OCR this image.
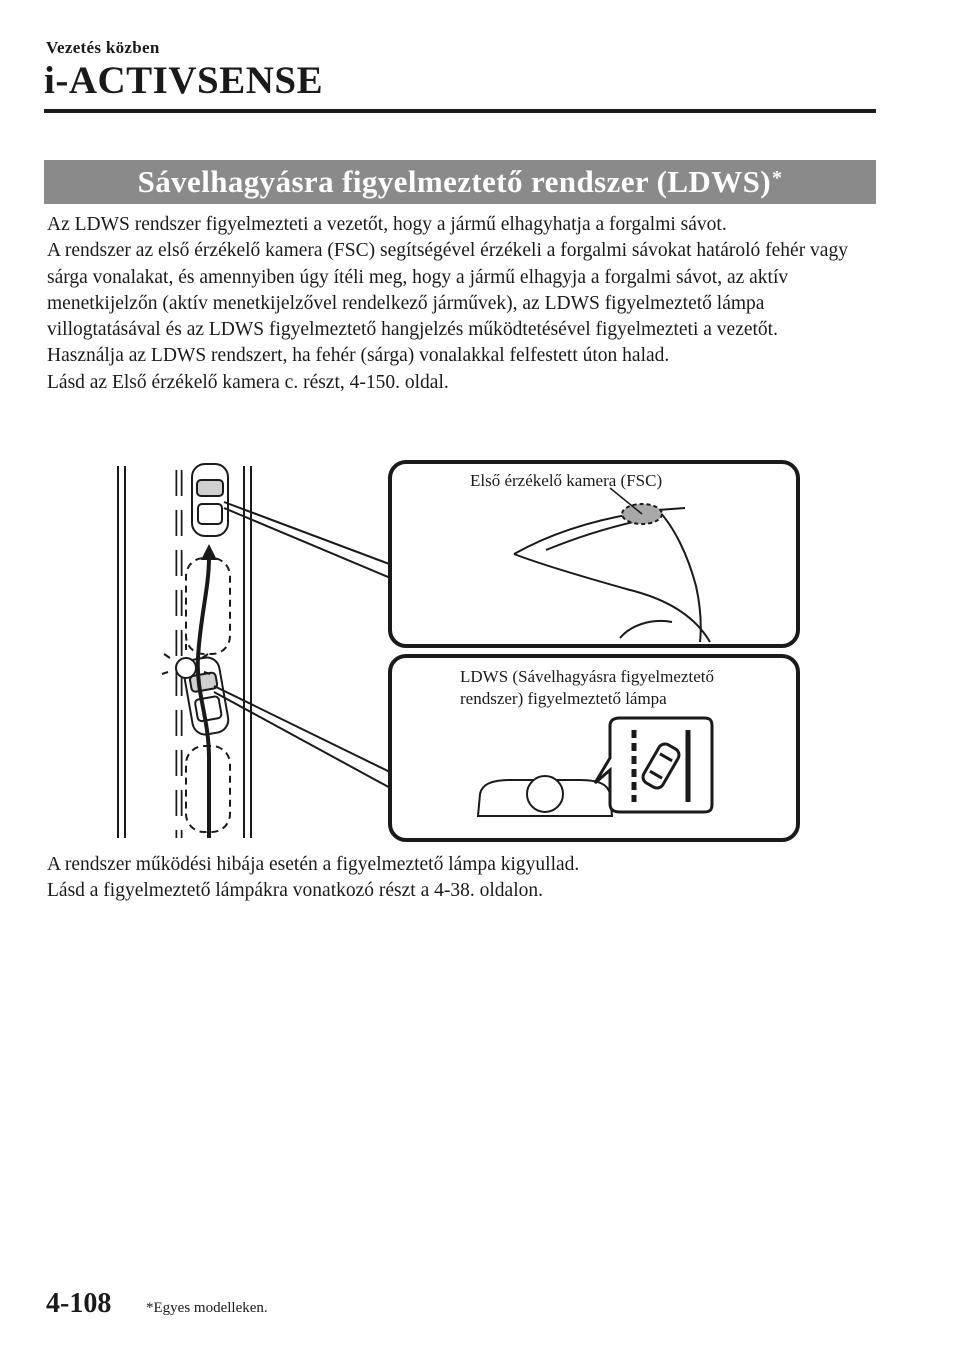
Vezetés közben
i-ACTIVSENSE
Sávelhagyásra figyelmeztető rendszer (LDWS)*

Az LDWS rendszer figyelmezteti a vezetőt, hogy a jármű elhagyhatja a forgalmi sávot.

A rendszer az első érzékelő kamera (FSC) segítségével érzékeli a forgalmi sávokat határoló fehér vagy sárga vonalakat, és amennyiben úgy ítéli meg, hogy a jármű elhagyja a forgalmi sávot, az aktív menetkijelzőn (aktív menetkijelzővel rendelkező járművek), az LDWS figyelmeztető lámpa villogtatásával és az LDWS figyelmeztető hangjelzés működtetésével figyelmezteti a vezetőt.

Használja az LDWS rendszert, ha fehér (sárga) vonalakkal felfestett úton halad.

Lásd az Első érzékelő kamera c. részt, 4-150. oldal.

Első érzékelő kamera (FSC)
LDWS (Sávelhagyásra figyelmeztető
rendszer) figyelmeztető lámpa

A rendszer működési hibája esetén a figyelmeztető lámpa kigyullad.

Lásd a figyelmeztető lámpákra vonatkozó részt a 4-38. oldalon.

4-108 *Egyes modelleken.
